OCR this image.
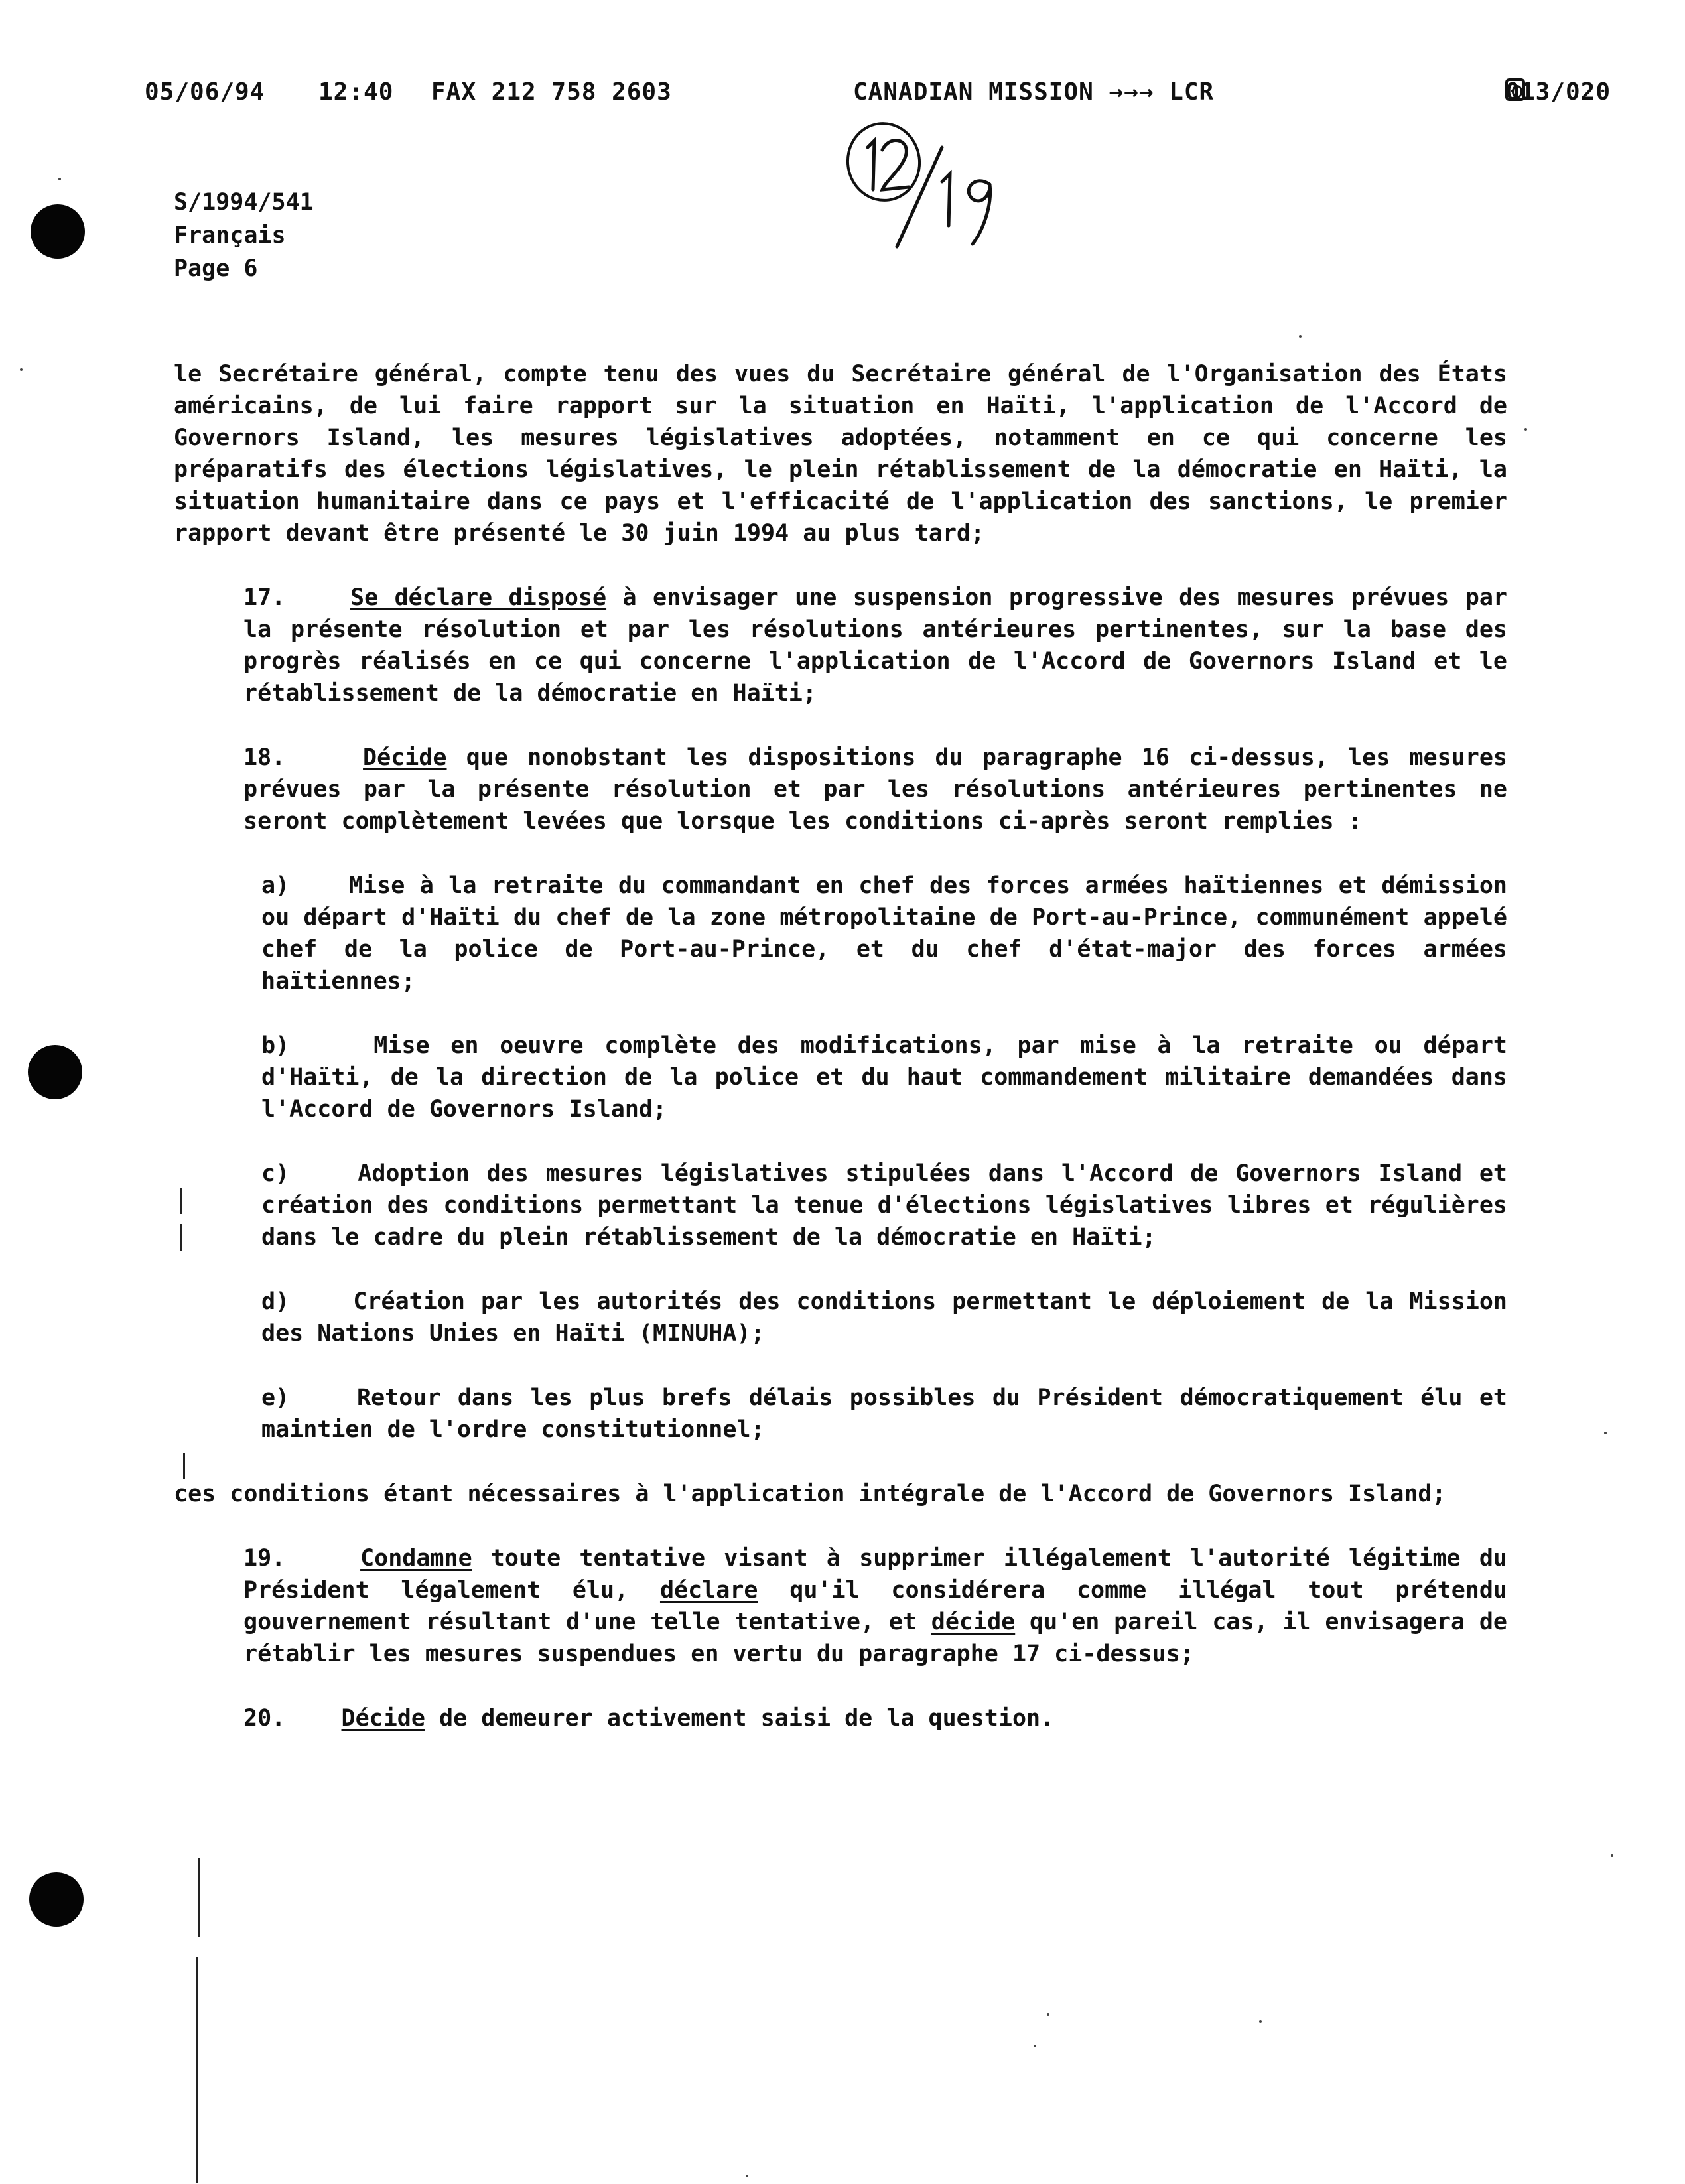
05/06/94 12:40 FAX 212 758 2603	CANADIAN MISSION →→→ LCR	013/020
S/1994/541
Français
Page 6

le Secrétaire général, compte tenu des vues du Secrétaire général de l'Organisation des États américains, de lui faire rapport sur la situation en Haïti, l'application de l'Accord de Governors Island, les mesures législatives adoptées, notamment en ce qui concerne les préparatifs des élections législatives, le plein rétablissement de la démocratie en Haïti, la situation humanitaire dans ce pays et l'efficacité de l'application des sanctions, le premier rapport devant être présenté le 30 juin 1994 au plus tard;

17.	Se déclare disposé à envisager une suspension progressive des mesures prévues par la présente résolution et par les résolutions antérieures pertinentes, sur la base des progrès réalisés en ce qui concerne l'application de l'Accord de Governors Island et le rétablissement de la démocratie en Haïti;

18.	Décide que nonobstant les dispositions du paragraphe 16 ci-dessus, les mesures prévues par la présente résolution et par les résolutions antérieures pertinentes ne seront complètement levées que lorsque les conditions ci-après seront remplies :

a)	Mise à la retraite du commandant en chef des forces armées haïtiennes et démission ou départ d'Haïti du chef de la zone métropolitaine de Port-au-Prince, communément appelé chef de la police de Port-au-Prince, et du chef d'état-major des forces armées haïtiennes;

b)	Mise en oeuvre complète des modifications, par mise à la retraite ou départ d'Haïti, de la direction de la police et du haut commandement militaire demandées dans l'Accord de Governors Island;

c)	Adoption des mesures législatives stipulées dans l'Accord de Governors Island et création des conditions permettant la tenue d'élections législatives libres et régulières dans le cadre du plein rétablissement de la démocratie en Haïti;

d)	Création par les autorités des conditions permettant le déploiement de la Mission des Nations Unies en Haïti (MINUHA);

e)	Retour dans les plus brefs délais possibles du Président démocratiquement élu et maintien de l'ordre constitutionnel;

ces conditions étant nécessaires à l'application intégrale de l'Accord de Governors Island;

19.	Condamne toute tentative visant à supprimer illégalement l'autorité légitime du Président légalement élu, déclare qu'il considérera comme illégal tout prétendu gouvernement résultant d'une telle tentative, et décide qu'en pareil cas, il envisagera de rétablir les mesures suspendues en vertu du paragraphe 17 ci-dessus;

20. Décide de demeurer activement saisi de la question.
